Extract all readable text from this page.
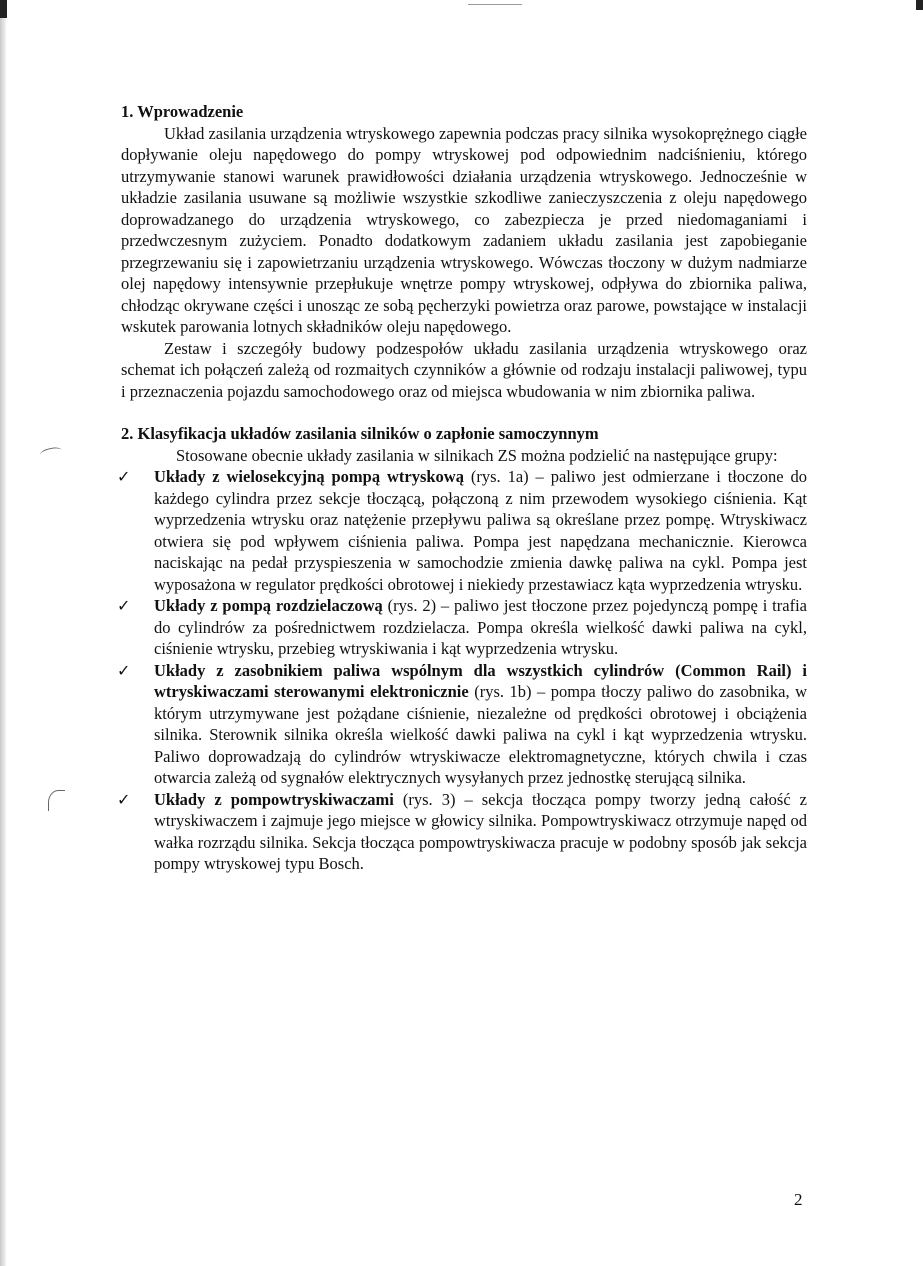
1. Wprowadzenie

Układ zasilania urządzenia wtryskowego zapewnia podczas pracy silnika wysokoprężnego ciągłe dopływanie oleju napędowego do pompy wtryskowej pod odpowiednim nadciśnieniu, którego utrzymywanie stanowi warunek prawidłowości działania urządzenia wtryskowego. Jednocześnie w układzie zasilania usuwane są możliwie wszystkie szkodliwe zanieczyszczenia z oleju napędowego doprowadzanego do urządzenia wtryskowego, co zabezpiecza je przed niedomaganiami i przedwczesnym zużyciem. Ponadto dodatkowym zadaniem układu zasilania jest zapobieganie przegrzewaniu się i zapowietrzaniu urządzenia wtryskowego. Wówczas tłoczony w dużym nadmiarze olej napędowy intensywnie przepłukuje wnętrze pompy wtryskowej, odpływa do zbiornika paliwa, chłodząc okrywane części i unosząc ze sobą pęcherzyki powietrza oraz parowe, powstające w instalacji wskutek parowania lotnych składników oleju napędowego.

Zestaw i szczegóły budowy podzespołów układu zasilania urządzenia wtryskowego oraz schemat ich połączeń zależą od rozmaitych czynników a głównie od rodzaju instalacji paliwowej, typu i przeznaczenia pojazdu samochodowego oraz od miejsca wbudowania w nim zbiornika paliwa.

2. Klasyfikacja układów zasilania silników o zapłonie samoczynnym

Stosowane obecnie układy zasilania w silnikach ZS można podzielić na następujące grupy:

✓ Układy z wielosekcyjną pompą wtryskową (rys. 1a) – paliwo jest odmierzane i tłoczone do każdego cylindra przez sekcje tłoczącą, połączoną z nim przewodem wysokiego ciśnienia. Kąt wyprzedzenia wtrysku oraz natężenie przepływu paliwa są określane przez pompę. Wtryskiwacz otwiera się pod wpływem ciśnienia paliwa. Pompa jest napędzana mechanicznie. Kierowca naciskając na pedał przyspieszenia w samochodzie zmienia dawkę paliwa na cykl. Pompa jest wyposażona w regulator prędkości obrotowej i niekiedy przestawiacz kąta wyprzedzenia wtrysku.
✓ Układy z pompą rozdzielaczową (rys. 2) – paliwo jest tłoczone przez pojedynczą pompę i trafia do cylindrów za pośrednictwem rozdzielacza. Pompa określa wielkość dawki paliwa na cykl, ciśnienie wtrysku, przebieg wtryskiwania i kąt wyprzedzenia wtrysku.
✓ Układy z zasobnikiem paliwa wspólnym dla wszystkich cylindrów (Common Rail) i wtryskiwaczami sterowanymi elektronicznie (rys. 1b) – pompa tłoczy paliwo do zasobnika, w którym utrzymywane jest pożądane ciśnienie, niezależne od prędkości obrotowej i obciążenia silnika. Sterownik silnika określa wielkość dawki paliwa na cykl i kąt wyprzedzenia wtrysku. Paliwo doprowadzają do cylindrów wtryskiwacze elektromagnetyczne, których chwila i czas otwarcia zależą od sygnałów elektrycznych wysyłanych przez jednostkę sterującą silnika.
✓ Układy z pompowtryskiwaczami (rys. 3) – sekcja tłocząca pompy tworzy jedną całość z wtryskiwaczem i zajmuje jego miejsce w głowicy silnika. Pompowtryskiwacz otrzymuje napęd od wałka rozrządu silnika. Sekcja tłocząca pompowtryskiwacza pracuje w podobny sposób jak sekcja pompy wtryskowej typu Bosch.
2
